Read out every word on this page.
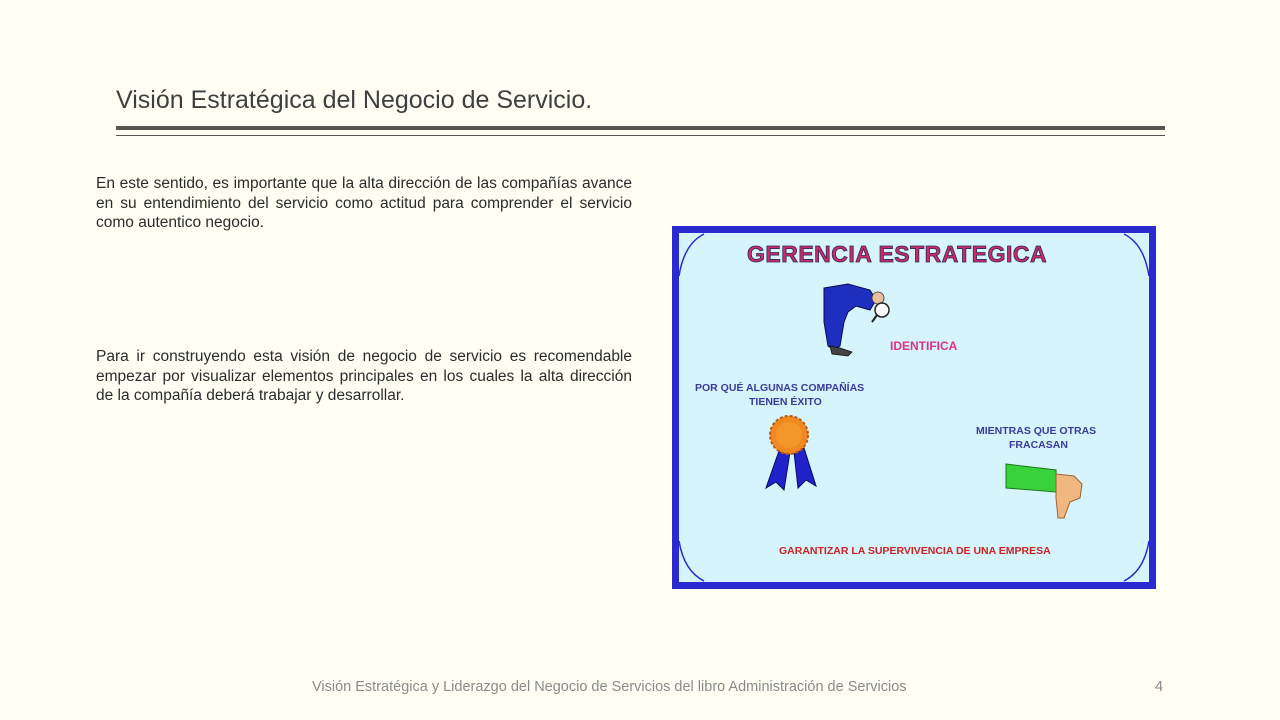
Visión Estratégica del Negocio de Servicio.
En este sentido, es importante que la alta dirección de las compañías avance en su entendimiento del servicio como actitud para comprender el servicio como autentico negocio.
Para ir construyendo esta visión de negocio de servicio es recomendable empezar por visualizar elementos principales en los cuales la alta dirección de la compañía deberá trabajar y desarrollar.
GERENCIA ESTRATEGICA
IDENTIFICA
POR QUÉ ALGUNAS COMPAÑÍAS
TIENEN ÉXITO
MIENTRAS QUE OTRAS
FRACASAN
GARANTIZAR LA SUPERVIVENCIA DE UNA EMPRESA
Visión Estratégica y Liderazgo del Negocio de Servicios del libro Administración de Servicios	4
